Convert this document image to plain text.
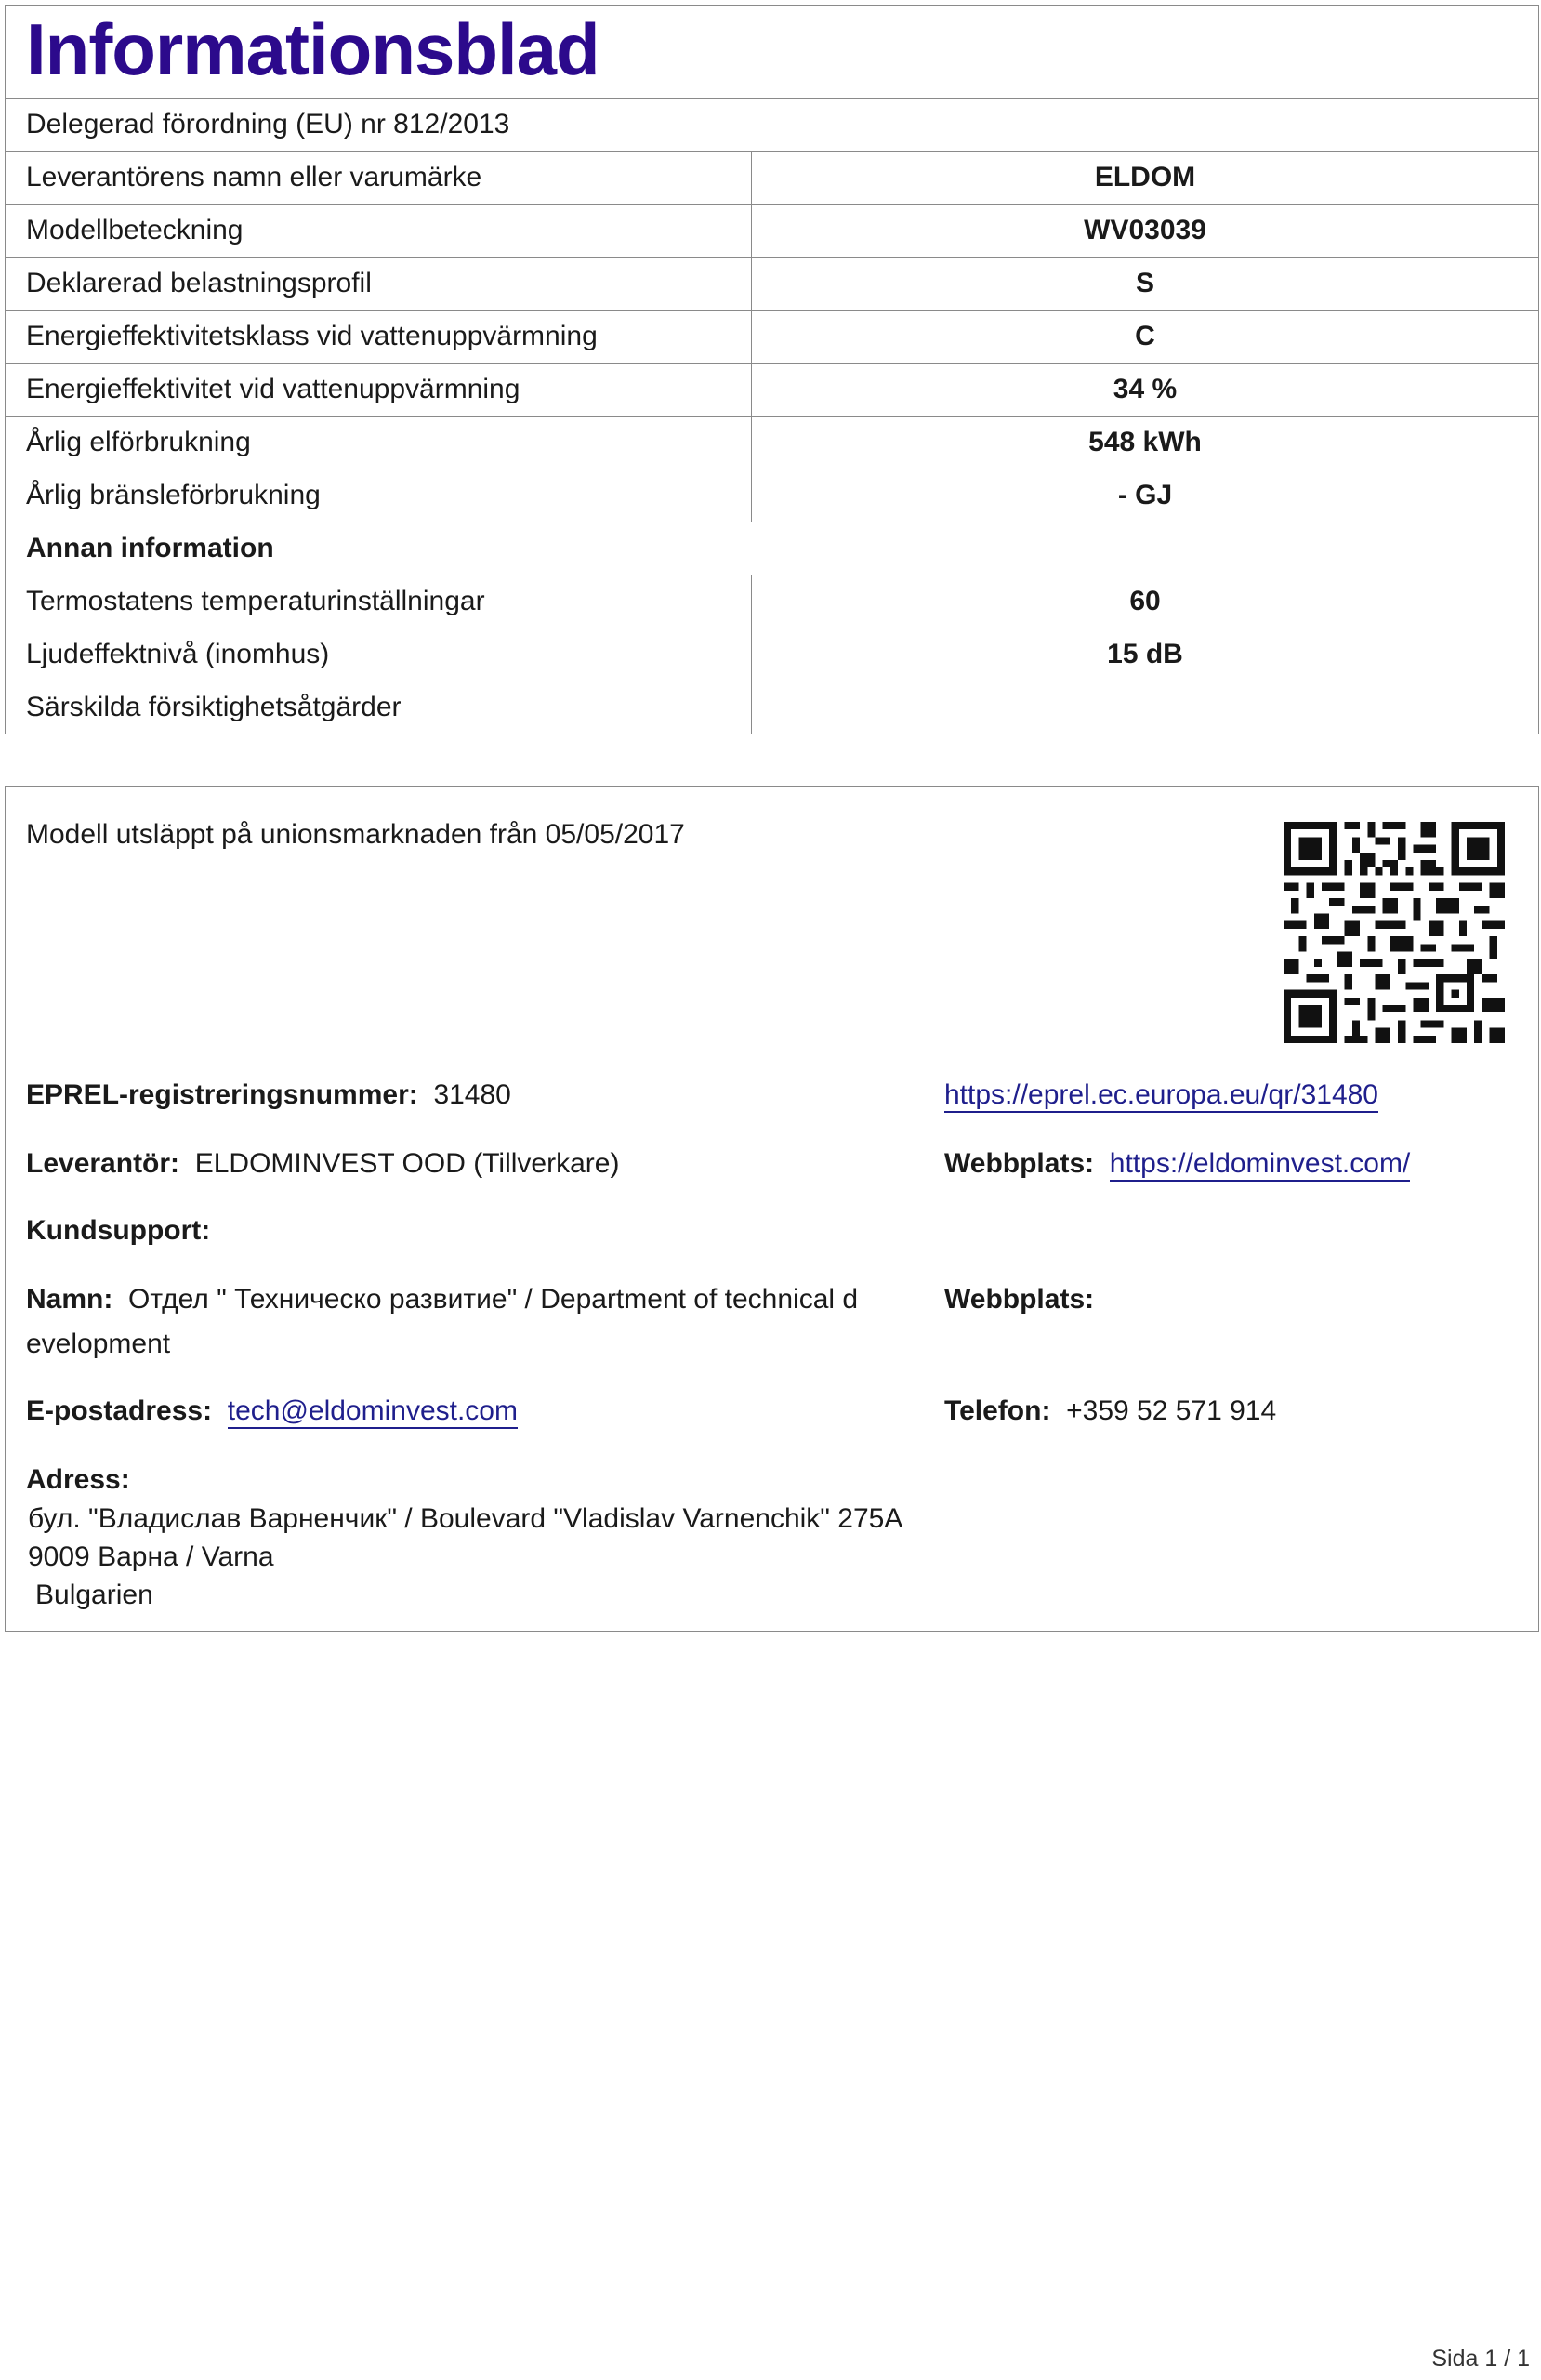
Informationsblad
Delegerad förordning (EU) nr 812/2013
Leverantörens namn eller varumärke	ELDOM
Modellbeteckning	WV03039
Deklarerad belastningsprofil	S
Energieffektivitetsklass vid vattenuppvärmning	C
Energieffektivitet vid vattenuppvärmning	34 %
Årlig elförbrukning	548 kWh
Årlig bränsleförbrukning	- GJ
Annan information
Termostatens temperaturinställningar	60
Ljudeffektnivå (inomhus)	15 dB
Särskilda försiktighetsåtgärder
Modell utsläppt på unionsmarknaden från 05/05/2017
EPREL-registreringsnummer: 31480	https://eprel.ec.europa.eu/qr/31480
Leverantör: ELDOMINVEST OOD (Tillverkare)	Webbplats: https://eldominvest.com/
Kundsupport:
Namn: Отдел " Техническо развитие" / Department of technical d
evelopment
Webbplats:
E-postadress: tech@eldominvest.com	Telefon: +359 52 571 914
Adress:
бул. "Владислав Варненчик" / Boulevard "Vladislav Varnenchik" 275A
9009 Варна / Varna
Bulgarien
Sida 1 / 1
